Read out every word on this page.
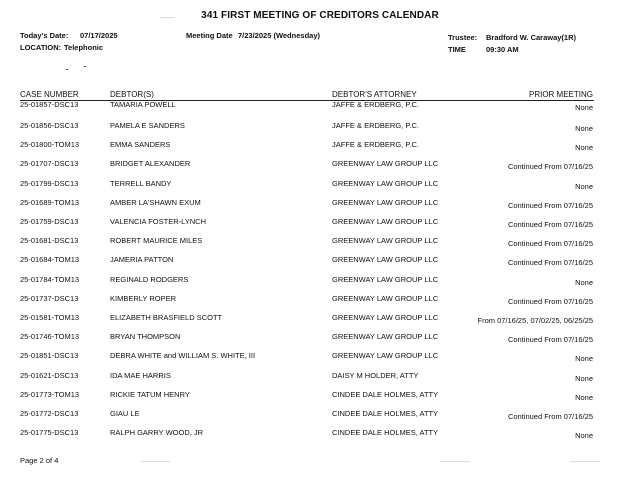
341 FIRST MEETING OF CREDITORS CALENDAR
Today's Date: 07/17/2025
LOCATION: Telephonic
Meeting Date 7/23/2025 (Wednesday)	Trustee: Bradford W. Caraway(1R)
TIME	09:30 AM
CASE NUMBER	DEBTOR(S)	DEBTOR'S ATTORNEY	PRIOR MEETING
25-01857-DSC13	TAMARIA POWELL	JAFFE & ERDBERG, P.C.	None
25-01856-DSC13	PAMELA E SANDERS	JAFFE & ERDBERG, P.C.	None
25-01800-TOM13	EMMA SANDERS	JAFFE & ERDBERG, P.C.	None
25-01707-DSC13	BRIDGET ALEXANDER	GREENWAY LAW GROUP LLC	Continued From 07/16/25
25-01799-DSC13	TERRELL BANDY	GREENWAY LAW GROUP LLC	None
25-01689-TOM13	AMBER LA'SHAWN EXUM	GREENWAY LAW GROUP LLC	Continued From 07/16/25
25-01759-DSC13	VALENCIA FOSTER-LYNCH	GREENWAY LAW GROUP LLC	Continued From 07/16/25
25-01681-DSC13	ROBERT MAURICE MILES	GREENWAY LAW GROUP LLC	Continued From 07/16/25
25-01684-TOM13	JAMERIA PATTON	GREENWAY LAW GROUP LLC	Continued From 07/16/25
25-01784-TOM13	REGINALD RODGERS	GREENWAY LAW GROUP LLC	None
25-01737-DSC13	KIMBERLY ROPER	GREENWAY LAW GROUP LLC	Continued From 07/16/25
25-01581-TOM13	ELIZABETH BRASFIELD SCOTT	GREENWAY LAW GROUP LLC	From 07/16/25, 07/02/25, 06/25/25
25-01746-TOM13	BRYAN THOMPSON	GREENWAY LAW GROUP LLC	Continued From 07/16/25
25-01851-DSC13	DEBRA WHITE and WILLIAM S. WHITE, III	GREENWAY LAW GROUP LLC	None
25-01621-DSC13	IDA MAE HARRIS	DAISY M HOLDER, ATTY	None
25-01773-TOM13	RICKIE TATUM HENRY	CINDEE DALE HOLMES, ATTY	None
25-01772-DSC13	GIAU LE	CINDEE DALE HOLMES, ATTY	Continued From 07/16/25
25-01775-DSC13	RALPH GARRY WOOD, JR	CINDEE DALE HOLMES, ATTY	None
Page 2 of 4
